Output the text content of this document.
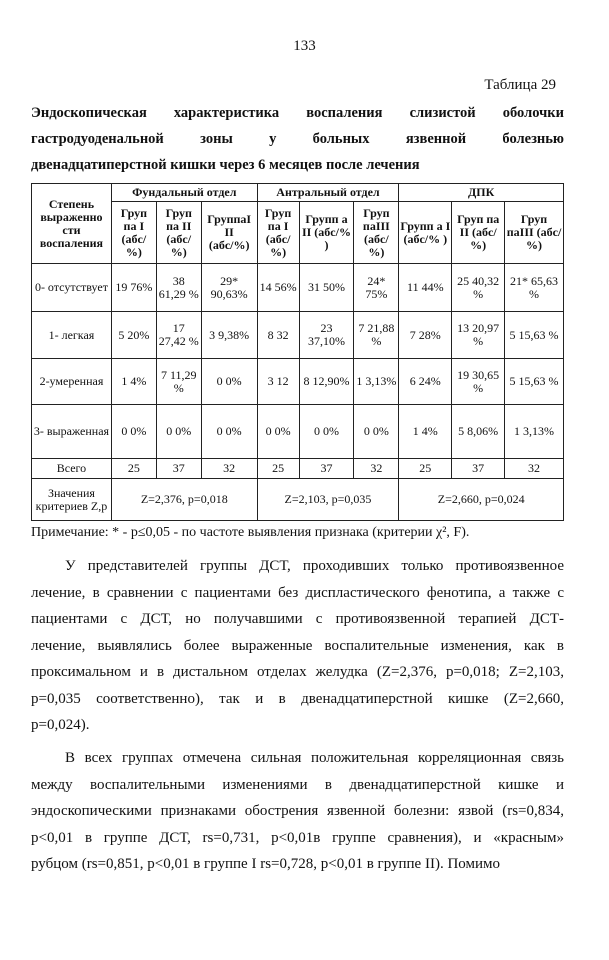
133
Таблица 29
Эндоскопическая характеристика воспаления слизистой оболочки
гастродуоденальной зоны у больных язвенной болезнью
двенадцатиперстной кишки через 6 месяцев после лечения
Степень выраженно сти воспаления	Фундальный отдел			Антральный отдел			ДПК		
	Груп па I (абс/ %)	Груп па II (абс/ %)	ГруппаI II (абс/%)	Груп па I (абс/ %)	Групп а II (абс/% )	Груп паIII (абс/ %)	Групп а I (абс/% )	Груп па II (абс/ %)	Груп паIII (абс/ %)
0- отсутствует	19 76%	38 61,29 %	29* 90,63%	14 56%	31 50%	24* 75%	11 44%	25 40,32 %	21* 65,63 %
1- легкая	5 20%	17 27,42 %	3 9,38%	8 32	23 37,10%	7 21,88 %	7 28%	13 20,97 %	5 15,63 %
2-умеренная	1 4%	7 11,29 %	0 0%	3 12	8 12,90%	1 3,13%	6 24%	19 30,65 %	5 15,63 %
3- выраженная	0 0%	0 0%	0 0%	0 0%	0 0%	0 0%	1 4%	5 8,06%	1 3,13%
Всего	25	37	32	25	37	32	25	37	32
Значения критериев Z,p	Z=2,376, p=0,018			Z=2,103, p=0,035			Z=2,660, p=0,024		
Примечание: * - p≤0,05 - по частоте выявления признака (критерии χ², F).
У представителей группы ДСТ, проходивших только противоязвенное
лечение, в сравнении с пациентами без диспластического фенотипа, а также с
пациентами с ДСТ, но получавшими с противоязвенной терапией ДСТ-
лечение, выявлялись более выраженные воспалительные изменения, как в
проксимальном и в дистальном отделах желудка (Z=2,376, p=0,018; Z=2,103,
p=0,035 соответственно), так и в двенадцатиперстной кишке (Z=2,660,
p=0,024).
В всех группах отмечена сильная положительная корреляционная связь
между воспалительными изменениями в двенадцатиперстной кишке и
эндоскопическими признаками обострения язвенной болезни: язвой (rs=0,834,
p<0,01 в группе ДСТ, rs=0,731, p<0,01в группе сравнения), и «красным»
рубцом (rs=0,851, p<0,01 в группе I rs=0,728, p<0,01 в группе II). Помимо
